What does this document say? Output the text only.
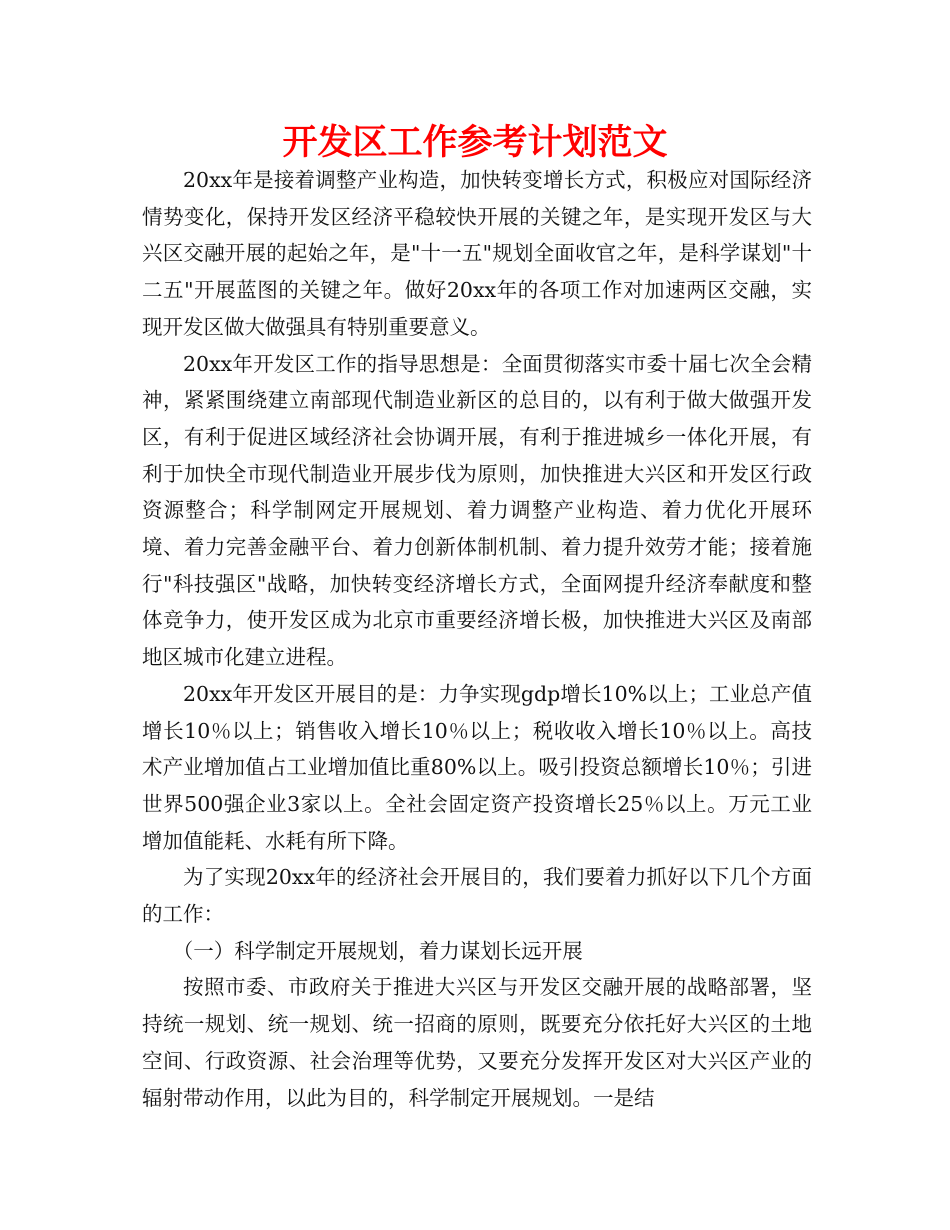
开发区工作参考计划范文

20xx年是接着调整产业构造，加快转变增长方式，积极应对国际经济情势变化，保持开发区经济平稳较快开展的关键之年，是实现开发区与大兴区交融开展的起始之年，是"十一五"规划全面收官之年，是科学谋划"十二五"开展蓝图的关键之年。做好20xx年的各项工作对加速两区交融，实现开发区做大做强具有特别重要意义。

20xx年开发区工作的指导思想是：全面贯彻落实市委十届七次全会精神，紧紧围绕建立南部现代制造业新区的总目的，以有利于做大做强开发区，有利于促进区域经济社会协调开展，有利于推进城乡一体化开展，有利于加快全市现代制造业开展步伐为原则，加快推进大兴区和开发区行政资源整合；科学制网定开展规划、着力调整产业构造、着力优化开展环境、着力完善金融平台、着力创新体制机制、着力提升效劳才能；接着施行"科技强区"战略，加快转变经济增长方式，全面网提升经济奉献度和整体竞争力，使开发区成为北京市重要经济增长极，加快推进大兴区及南部地区城市化建立进程。

20xx年开发区开展目的是：力争实现gdp增长10%以上；工业总产值增长10％以上；销售收入增长10％以上；税收收入增长10％以上。高技术产业增加值占工业增加值比重80%以上。吸引投资总额增长10％；引进世界500强企业3家以上。全社会固定资产投资增长25％以上。万元工业增加值能耗、水耗有所下降。

为了实现20xx年的经济社会开展目的，我们要着力抓好以下几个方面的工作：

（一）科学制定开展规划，着力谋划长远开展

按照市委、市政府关于推进大兴区与开发区交融开展的战略部署，坚持统一规划、统一规划、统一招商的原则，既要充分依托好大兴区的土地空间、行政资源、社会治理等优势，又要充分发挥开发区对大兴区产业的辐射带动作用，以此为目的，科学制定开展规划。一是结
